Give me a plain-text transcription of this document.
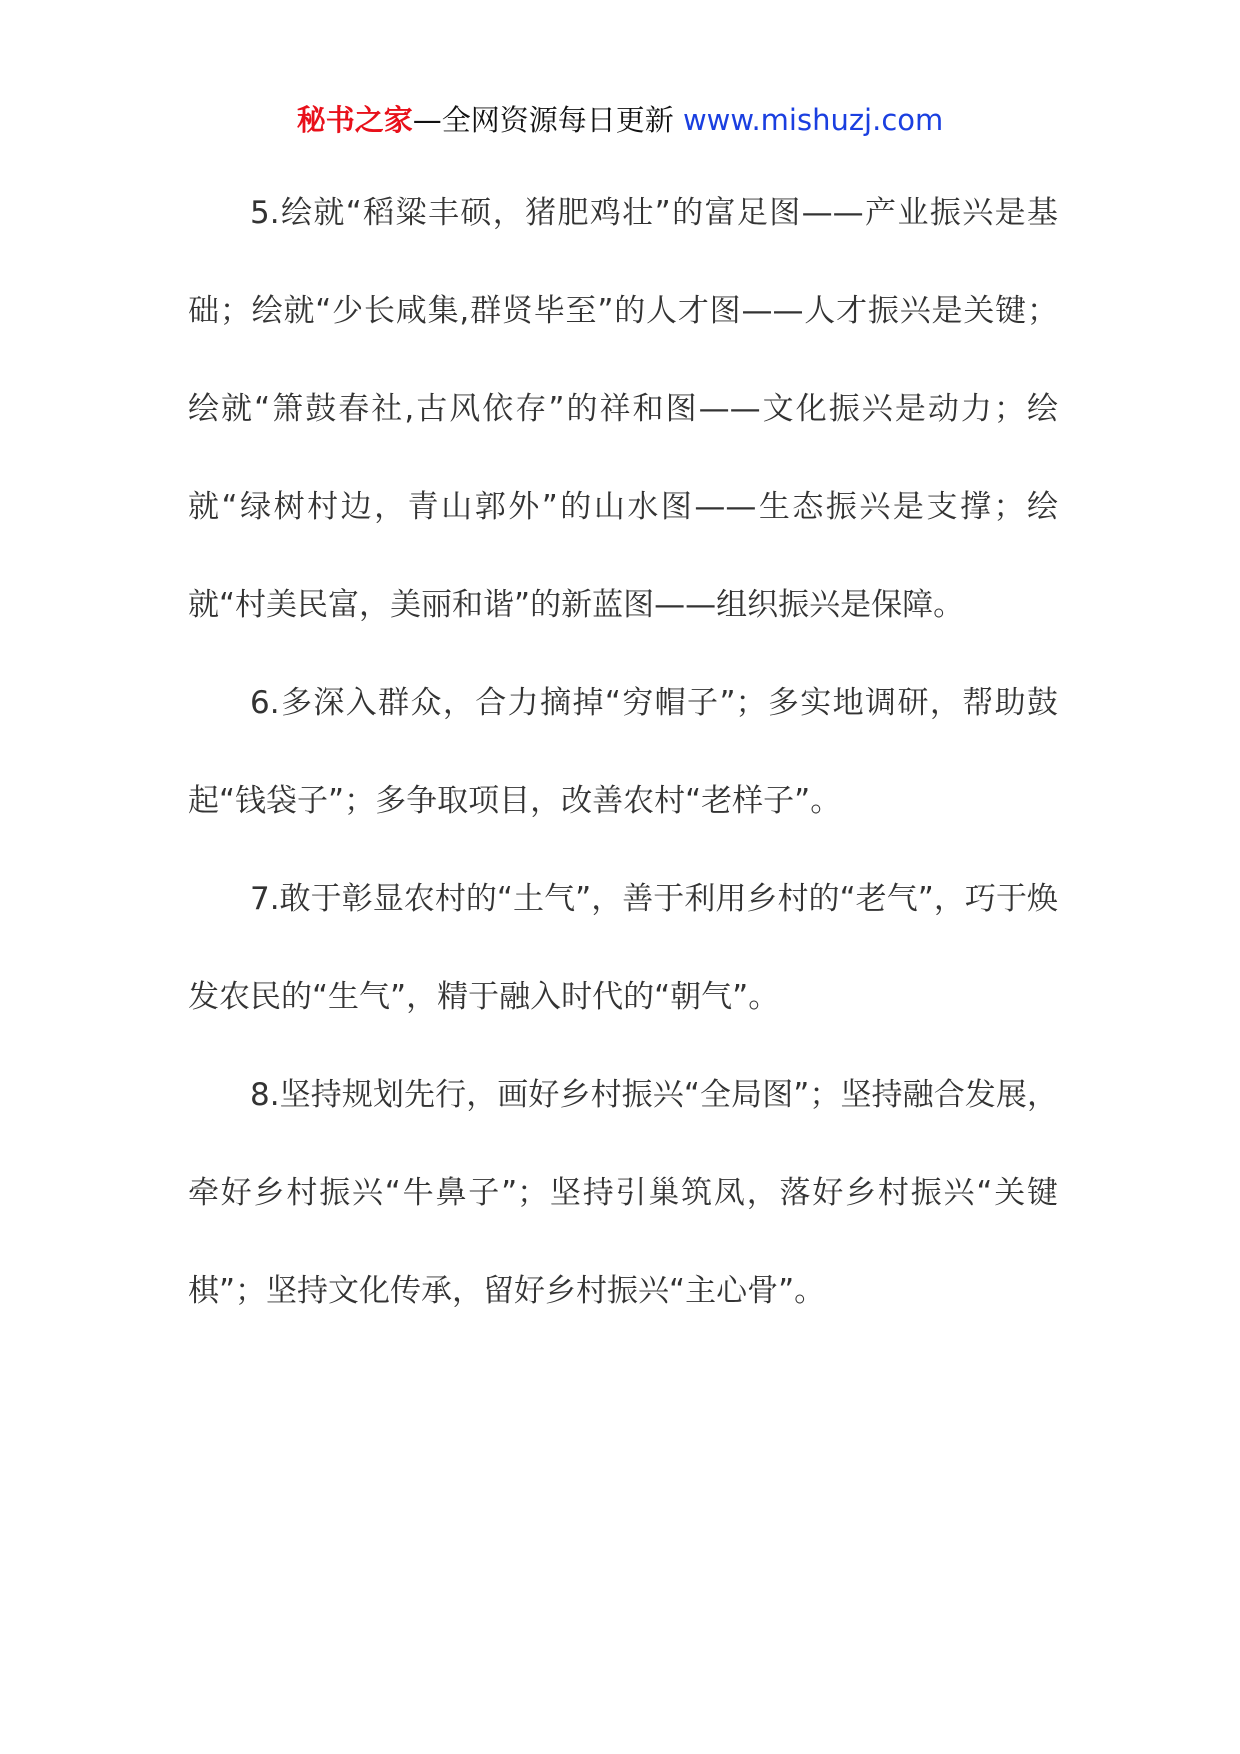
秘书之家—全网资源每日更新 www.mishuzj.com

5.绘就“稻粱丰硕，猪肥鸡壮”的富足图——产业振兴是基础；绘就“少长咸集,群贤毕至”的人才图——人才振兴是关键；绘就“箫鼓春社,古风依存”的祥和图——文化振兴是动力；绘就“绿树村边，青山郭外”的山水图——生态振兴是支撑；绘就“村美民富，美丽和谐”的新蓝图——组织振兴是保障。

6.多深入群众，合力摘掉“穷帽子”；多实地调研，帮助鼓起“钱袋子”；多争取项目，改善农村“老样子”。

7.敢于彰显农村的“土气”，善于利用乡村的“老气”，巧于焕发农民的“生气”，精于融入时代的“朝气”。

8.坚持规划先行，画好乡村振兴“全局图”；坚持融合发展，牵好乡村振兴“牛鼻子”；坚持引巢筑凤，落好乡村振兴“关键棋”；坚持文化传承，留好乡村振兴“主心骨”。
